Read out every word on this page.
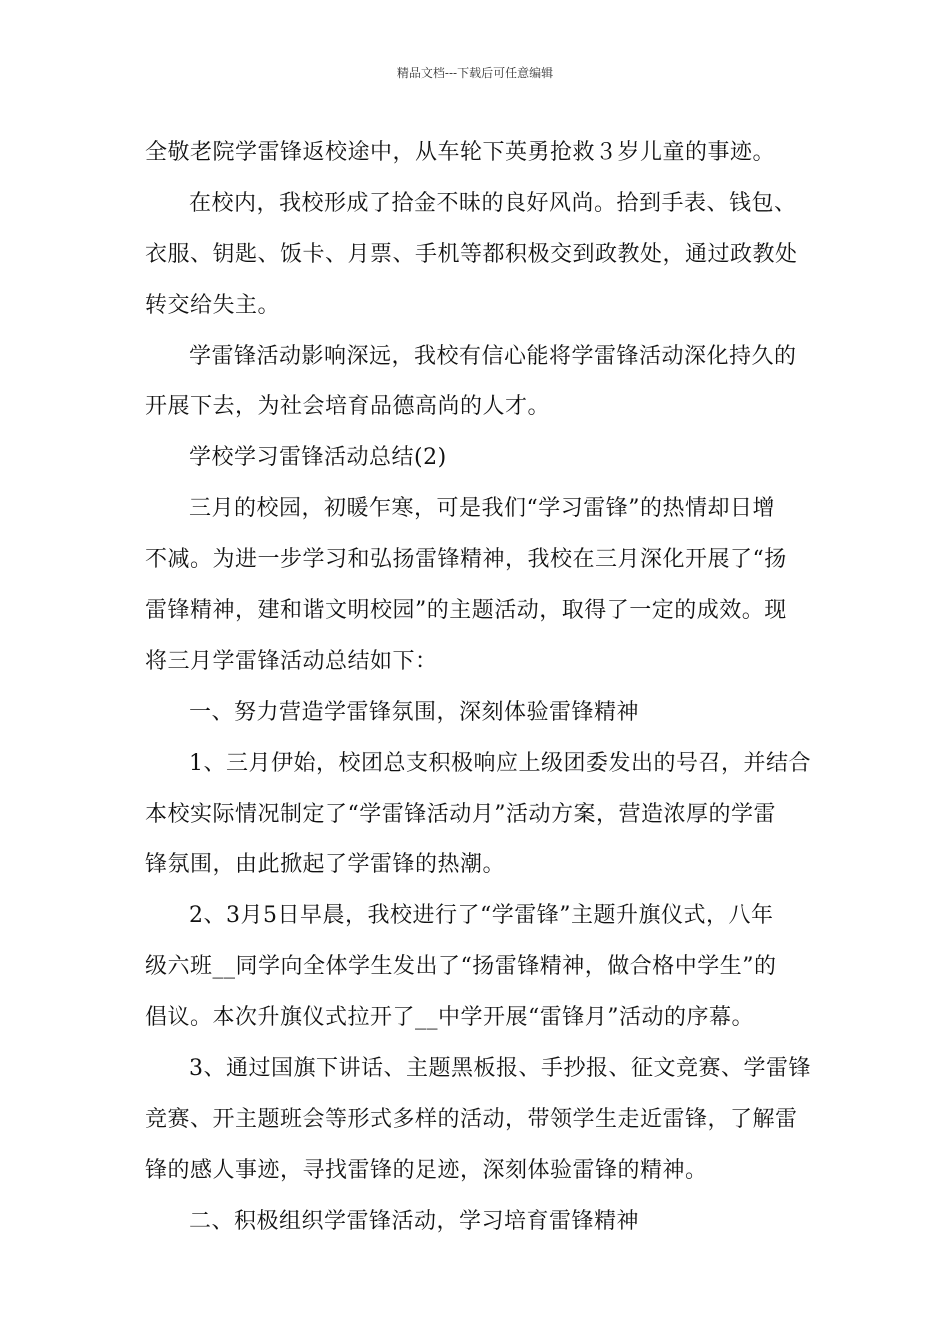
精品文档---下载后可任意编辑
全敬老院学雷锋返校途中，从车轮下英勇抢救３岁儿童的事迹。
在校内，我校形成了拾金不昧的良好风尚。拾到手表、钱包、
衣服、钥匙、饭卡、月票、手机等都积极交到政教处，通过政教处
转交给失主。
学雷锋活动影响深远，我校有信心能将学雷锋活动深化持久的
开展下去，为社会培育品德高尚的人才。
学校学习雷锋活动总结(2)
三月的校园，初暖乍寒，可是我们“学习雷锋”的热情却日增
不减。为进一步学习和弘扬雷锋精神，我校在三月深化开展了“扬
雷锋精神，建和谐文明校园”的主题活动，取得了一定的成效。现
将三月学雷锋活动总结如下：
一、努力营造学雷锋氛围，深刻体验雷锋精神
1、三月伊始，校团总支积极响应上级团委发出的号召，并结合
本校实际情况制定了“学雷锋活动月”活动方案，营造浓厚的学雷
锋氛围，由此掀起了学雷锋的热潮。
2、3月5日早晨，我校进行了“学雷锋”主题升旗仪式，八年
级六班__同学向全体学生发出了“扬雷锋精神，做合格中学生”的
倡议。本次升旗仪式拉开了__中学开展“雷锋月”活动的序幕。
3、通过国旗下讲话、主题黑板报、手抄报、征文竞赛、学雷锋
竞赛、开主题班会等形式多样的活动，带领学生走近雷锋，了解雷
锋的感人事迹，寻找雷锋的足迹，深刻体验雷锋的精神。
二、积极组织学雷锋活动，学习培育雷锋精神
